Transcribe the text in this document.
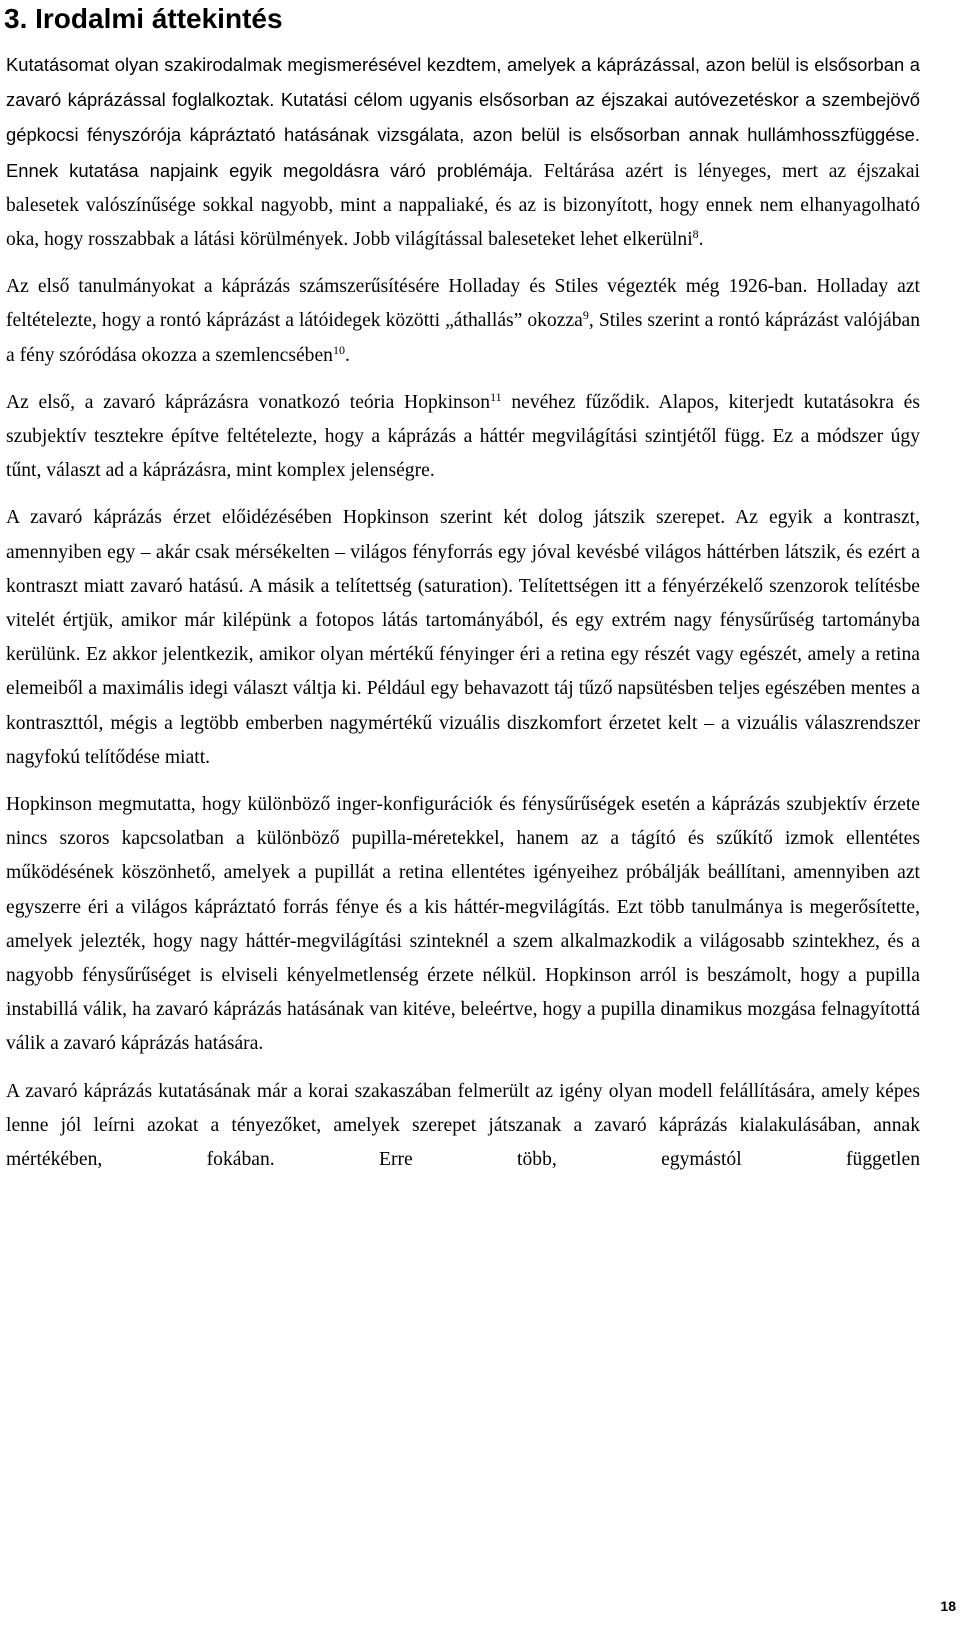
3. Irodalmi áttekintés

Kutatásomat olyan szakirodalmak megismerésével kezdtem, amelyek a káprázással, azon belül is elsősorban a zavaró káprázással foglalkoztak. Kutatási célom ugyanis elsősorban az éjszakai autóvezetéskor a szembejövő gépkocsi fényszórója kápráztató hatásának vizsgálata, azon belül is elsősorban annak hullámhosszfüggése. Ennek kutatása napjaink egyik megoldásra váró problémája. Feltárása azért is lényeges, mert az éjszakai balesetek valószínűsége sokkal nagyobb, mint a nappaliaké, és az is bizonyított, hogy ennek nem elhanyagolható oka, hogy rosszabbak a látási körülmények. Jobb világítással baleseteket lehet elkerülni$^8$.

Az első tanulmányokat a káprázás számszerűsítésére Holladay és Stiles végezték még 1926-ban. Holladay azt feltételezte, hogy a rontó káprázást a látóidegek közötti „áthallás” okozza$^9$, Stiles szerint a rontó káprázást valójában a fény szóródása okozza a szemlencsében$^{10}$.

Az első, a zavaró káprázásra vonatkozó teória Hopkinson$^{11}$ nevéhez fűződik. Alapos, kiterjedt kutatásokra és szubjektív tesztekre építve feltételezte, hogy a káprázás a háttér megvilágítási szintjétől függ. Ez a módszer úgy tűnt, választ ad a káprázásra, mint komplex jelenségre.

A zavaró káprázás érzet előidézésében Hopkinson szerint két dolog játszik szerepet. Az egyik a kontraszt, amennyiben egy – akár csak mérsékelten – világos fényforrás egy jóval kevésbé világos háttérben látszik, és ezért a kontraszt miatt zavaró hatású. A másik a telítettség (saturation). Telítettségen itt a fényérzékelő szenzorok telítésbe vitelét értjük, amikor már kilépünk a fotopos látás tartományából, és egy extrém nagy fénysűrűség tartományba kerülünk. Ez akkor jelentkezik, amikor olyan mértékű fényinger éri a retina egy részét vagy egészét, amely a retina elemeiből a maximális idegi választ váltja ki. Például egy behavazott táj tűző napsütésben teljes egészében mentes a kontraszttól, mégis a legtöbb emberben nagymértékű vizuális diszkomfort érzetet kelt – a vizuális válaszrendszer nagyfokú telítődése miatt.

Hopkinson megmutatta, hogy különböző inger-konfigurációk és fénysűrűségek esetén a káprázás szubjektív érzete nincs szoros kapcsolatban a különböző pupilla-méretekkel, hanem az a tágító és szűkítő izmok ellentétes működésének köszönhető, amelyek a pupillát a retina ellentétes igényeihez próbálják beállítani, amennyiben azt egyszerre éri a világos kápráztató forrás fénye és a kis háttér-megvilágítás. Ezt több tanulmánya is megerősítette, amelyek jelezték, hogy nagy háttér-megvilágítási szinteknél a szem alkalmazkodik a világosabb szintekhez, és a nagyobb fénysűrűséget is elviseli kényelmetlenség érzete nélkül. Hopkinson arról is beszámolt, hogy a pupilla instabillá válik, ha zavaró káprázás hatásának van kitéve, beleértve, hogy a pupilla dinamikus mozgása felnagyítottá válik a zavaró káprázás hatására.

A zavaró káprázás kutatásának már a korai szakaszában felmerült az igény olyan modell felállítására, amely képes lenne jól leírni azokat a tényezőket, amelyek szerepet játszanak a zavaró káprázás kialakulásában, annak mértékében, fokában. Erre több, egymástól független

18
